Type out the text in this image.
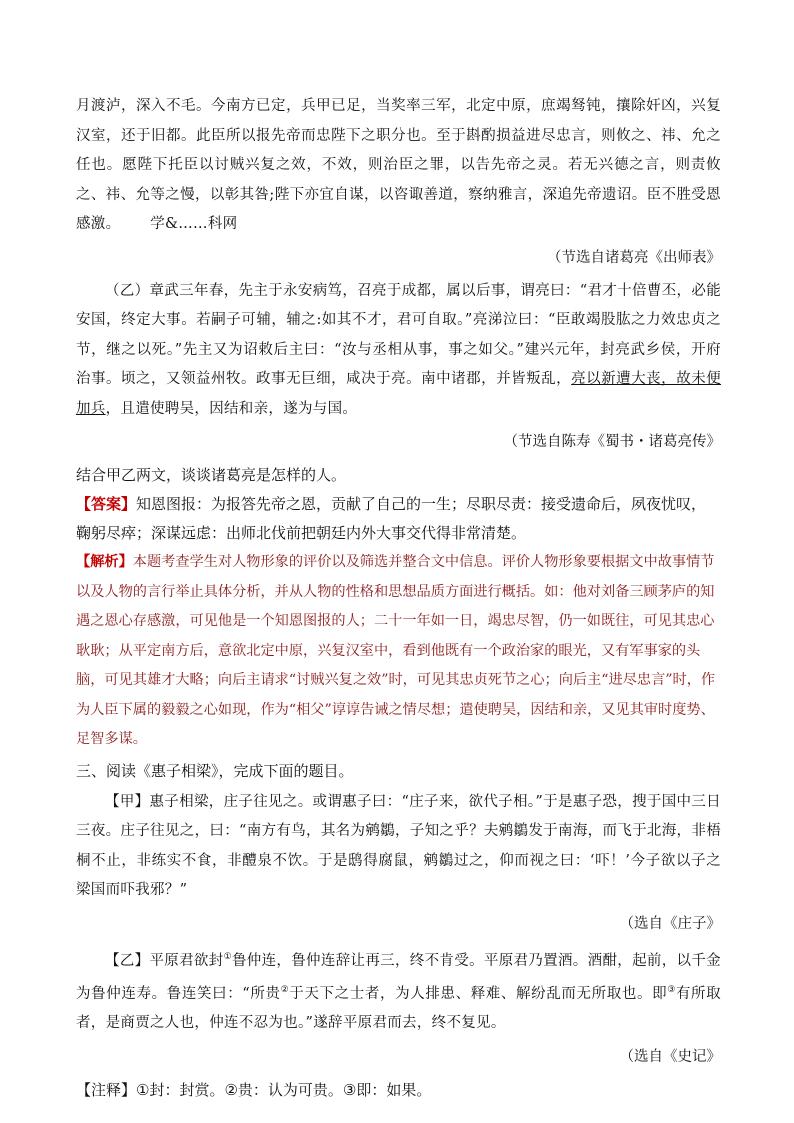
月渡泸，深入不毛。今南方已定，兵甲已足，当奖率三军，北定中原，庶竭驽钝，攘除奸凶，兴复汉室，还于旧都。此臣所以报先帝而忠陛下之职分也。至于斟酌损益进尽忠言，则攸之、祎、允之任也。愿陛下托臣以讨贼兴复之效，不效，则治臣之罪，以告先帝之灵。若无兴德之言，则责攸之、祎、允等之慢，以彰其咎;陛下亦宜自谋，以咨诹善道，察纳雅言，深追先帝遗诏。臣不胜受恩感激。 学&……科网

（节选自诸葛亮《出师表》

（乙）章武三年春，先主于永安病笃，召亮于成都，属以后事，谓亮曰：“君才十倍曹丕，必能安国，终定大事。若嗣子可辅，辅之:如其不才，君可自取。”亮涕泣曰：“臣敢竭股肱之力效忠贞之节，继之以死。”先主又为诏敕后主曰：“汝与丞相从事，事之如父。”建兴元年，封亮武乡侯，开府治事。顷之，又领益州牧。政事无巨细，咸决于亮。南中诸郡，并皆叛乱，亮以新遭大丧，故未便加兵，且遣使聘吴，因结和亲，遂为与国。

（节选自陈寿《蜀书・诸葛亮传》

结合甲乙两文，谈谈诸葛亮是怎样的人。

【答案】知恩图报：为报答先帝之恩，贡献了自己的一生；尽职尽责：接受遗命后，夙夜忧叹，鞠躬尽瘁；深谋远虑：出师北伐前把朝廷内外大事交代得非常清楚。

【解析】本题考查学生对人物形象的评价以及筛选并整合文中信息。评价人物形象要根据文中故事情节以及人物的言行举止具体分析，并从人物的性格和思想品质方面进行概括。如：他对刘备三顾茅庐的知遇之恩心存感激，可见他是一个知恩图报的人；二十一年如一日，竭忠尽智，仍一如既往，可见其忠心耿耿；从平定南方后，意欲北定中原，兴复汉室中，看到他既有一个政治家的眼光，又有军事家的头脑，可见其雄才大略；向后主请求“讨贼兴复之效”时，可见其忠贞死节之心；向后主“进尽忠言”时，作为人臣下属的毅毅之心如现，作为“相父”谆谆告诫之情尽想；遣使聘吴，因结和亲，又见其审时度势、足智多谋。

三、阅读《惠子相梁》，完成下面的题目。

【甲】惠子相梁，庄子往见之。或谓惠子曰：“庄子来，欲代子相。”于是惠子恐，搜于国中三日三夜。庄子往见之，曰：“南方有鸟，其名为鹓鶵，子知之乎？夫鹓鶵发于南海，而飞于北海，非梧桐不止，非练实不食，非醴泉不饮。于是鸱得腐鼠，鹓鶵过之，仰而视之曰：‘吓！’今子欲以子之梁国而吓我邪？”

（选自《庄子》

【乙】平原君欲封①鲁仲连，鲁仲连辞让再三，终不肯受。平原君乃置酒。酒酣，起前，以千金为鲁仲连寿。鲁连笑曰：“所贵②于天下之士者，为人排患、释难、解纷乱而无所取也。即③有所取者，是商贾之人也，仲连不忍为也。”遂辞平原君而去，终不复见。

（选自《史记》

【注释】①封：封赏。②贵：认为可贵。③即：如果。
